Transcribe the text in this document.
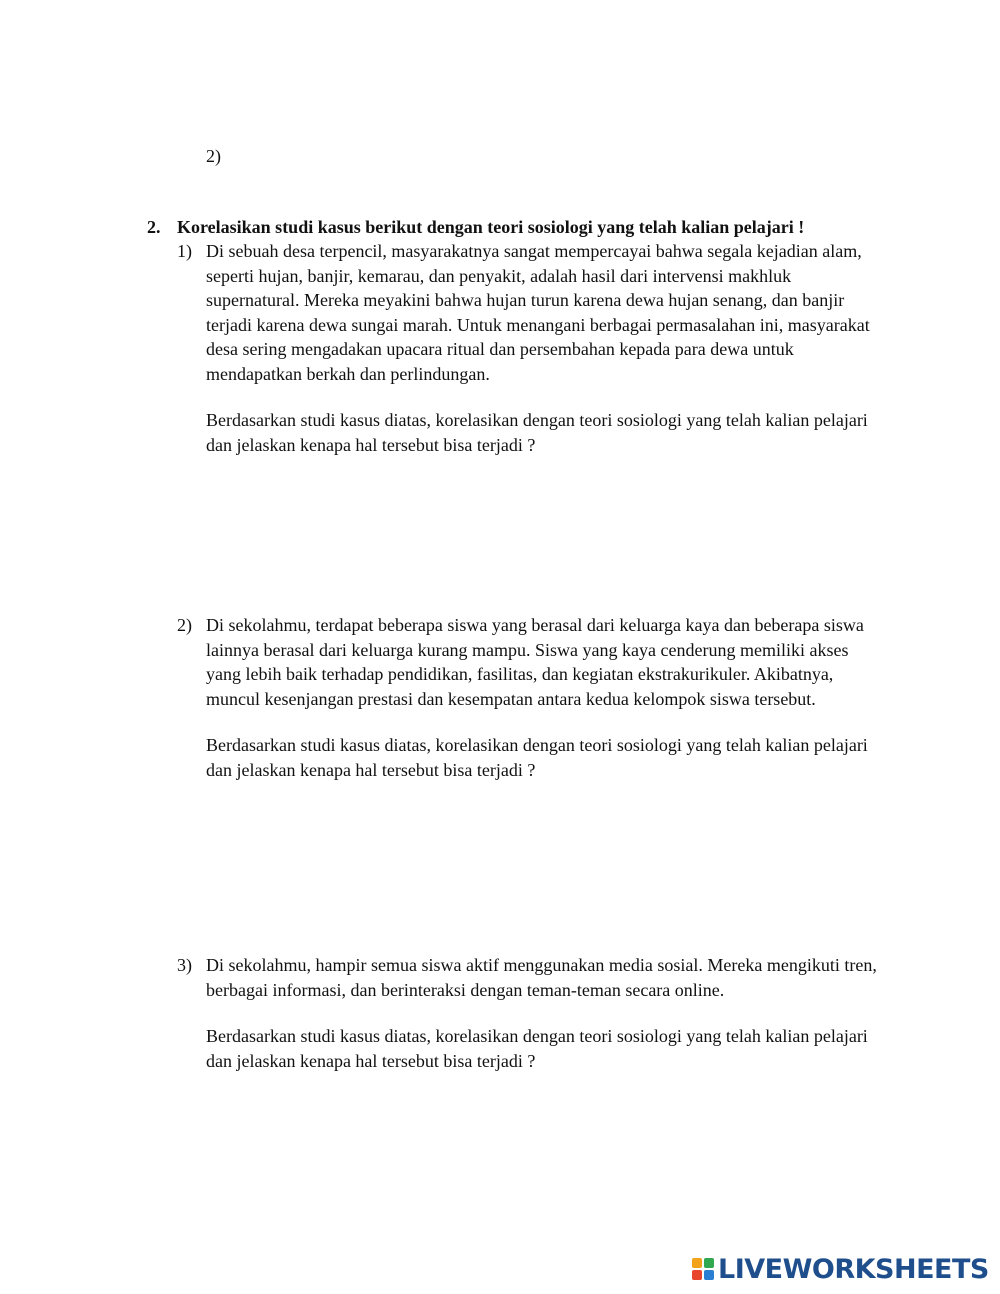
2)
2. Korelasikan studi kasus berikut dengan teori sosiologi yang telah kalian pelajari !
1) Di sebuah desa terpencil, masyarakatnya sangat mempercayai bahwa segala kejadian alam, seperti hujan, banjir, kemarau, dan penyakit, adalah hasil dari intervensi makhluk supernatural. Mereka meyakini bahwa hujan turun karena dewa hujan senang, dan banjir terjadi karena dewa sungai marah. Untuk menangani berbagai permasalahan ini, masyarakat desa sering mengadakan upacara ritual dan persembahan kepada para dewa untuk mendapatkan berkah dan perlindungan.

Berdasarkan studi kasus diatas, korelasikan dengan teori sosiologi yang telah kalian pelajari dan jelaskan kenapa hal tersebut bisa terjadi ?

2) Di sekolahmu, terdapat beberapa siswa yang berasal dari keluarga kaya dan beberapa siswa lainnya berasal dari keluarga kurang mampu. Siswa yang kaya cenderung memiliki akses yang lebih baik terhadap pendidikan, fasilitas, dan kegiatan ekstrakurikuler. Akibatnya, muncul kesenjangan prestasi dan kesempatan antara kedua kelompok siswa tersebut.

Berdasarkan studi kasus diatas, korelasikan dengan teori sosiologi yang telah kalian pelajari dan jelaskan kenapa hal tersebut bisa terjadi ?

3) Di sekolahmu, hampir semua siswa aktif menggunakan media sosial. Mereka mengikuti tren, berbagai informasi, dan berinteraksi dengan teman-teman secara online.

Berdasarkan studi kasus diatas, korelasikan dengan teori sosiologi yang telah kalian pelajari dan jelaskan kenapa hal tersebut bisa terjadi ?

LIVEWORKSHEETS
